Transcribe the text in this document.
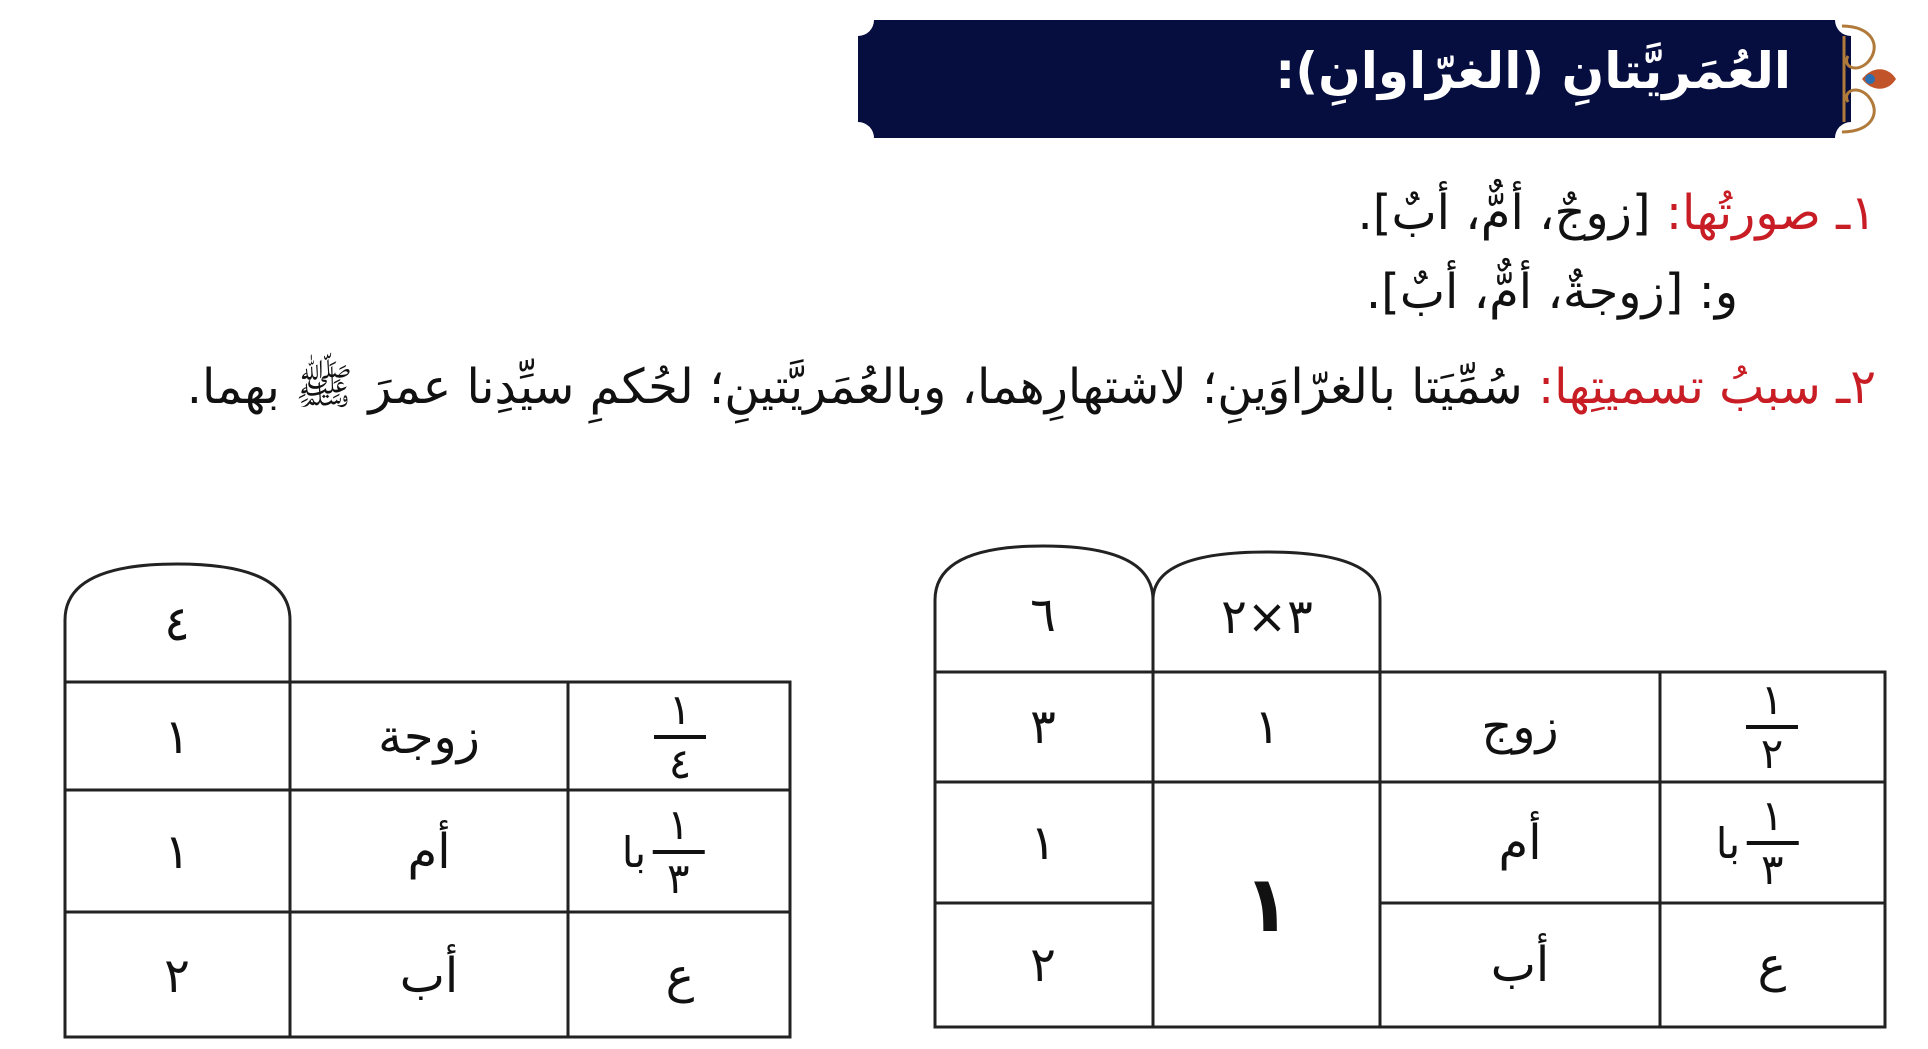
العُمَريَّتانِ (الغرّاوانِ):
١ـ صورتُها: [زوجٌ، أمٌّ، أبٌ].
و: [زوجةٌ، أمٌّ، أبٌ].
٢ـ سببُ تسميتِها: سُمِّيَتا بالغرّاوَينِ؛ لاشتهارِهما، وبالعُمَريَّتينِ؛ لحُكمِ سيِّدِنا عمرَ ﷺ بهما.
٦	٣×٢
١
٢
زوج
١
٣
با $\frac{١}{٣}$
أم
١
ع
أب
٢
١
٤
١
٤
زوجة
١
با $\frac{١}{٣}$
أم
١
ع
أب
٢
